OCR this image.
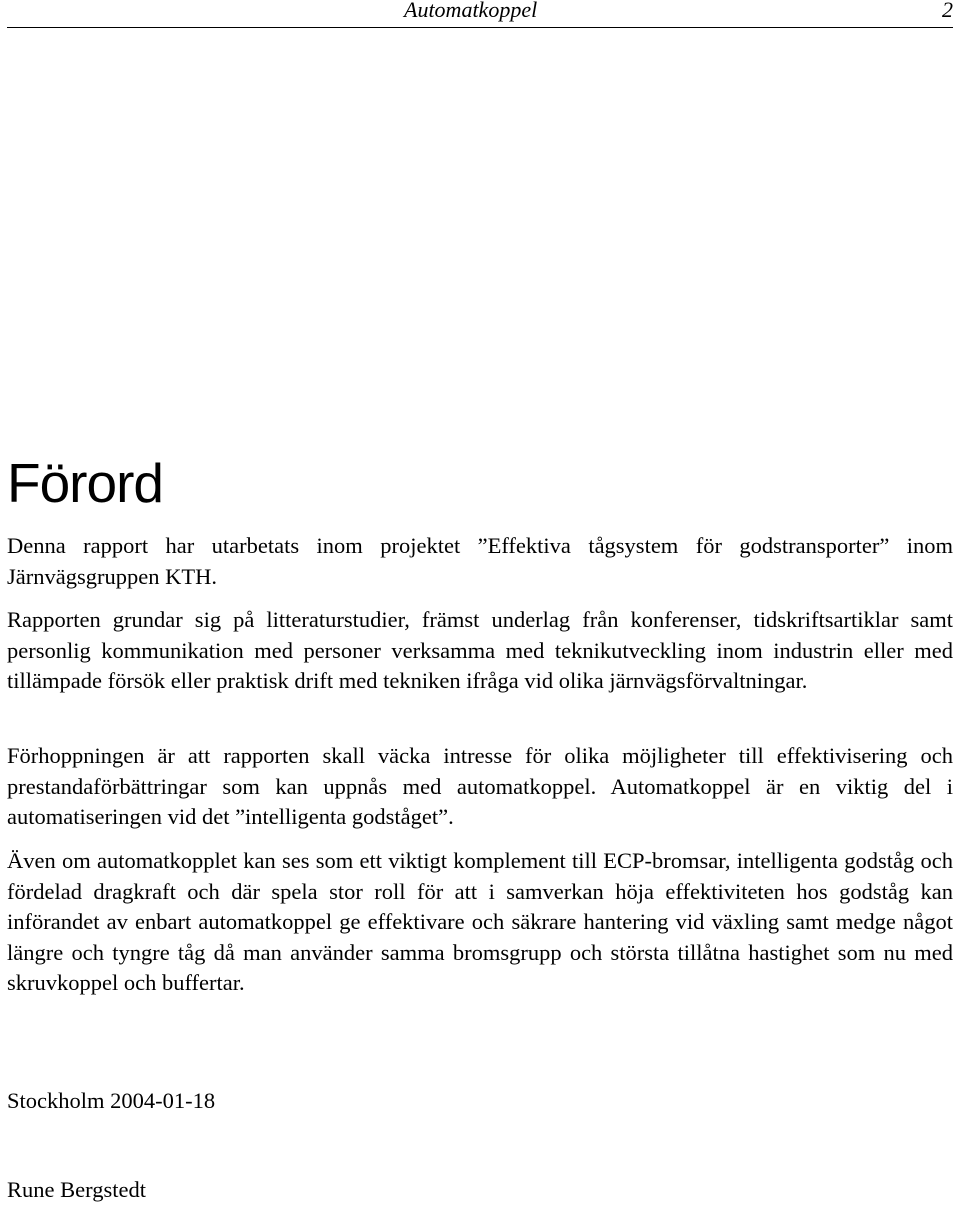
Automatkoppel	2
Förord

Denna rapport har utarbetats inom projektet ”Effektiva tågsystem för godstransporter” inom Järnvägsgruppen KTH.

Rapporten grundar sig på litteraturstudier, främst underlag från konferenser, tidskriftsartiklar samt personlig kommunikation med personer verksamma med teknikutveckling inom industrin eller med tillämpade försök eller praktisk drift med tekniken ifråga vid olika järnvägsförvaltningar.

Förhoppningen är att rapporten skall väcka intresse för olika möjligheter till effektivisering och prestandaförbättringar som kan uppnås med automatkoppel. Automatkoppel är en viktig del i automatiseringen vid det ”intelligenta godståget”.

Även om automatkopplet kan ses som ett viktigt komplement till ECP-bromsar, intelligenta godståg och fördelad dragkraft och där spela stor roll för att i samverkan höja effektiviteten hos godståg kan införandet av enbart automatkoppel ge effektivare och säkrare hantering vid växling samt medge något längre och tyngre tåg då man använder samma bromsgrupp och största tillåtna hastighet som nu med skruvkoppel och buffertar.

Stockholm 2004-01-18

Rune Bergstedt
